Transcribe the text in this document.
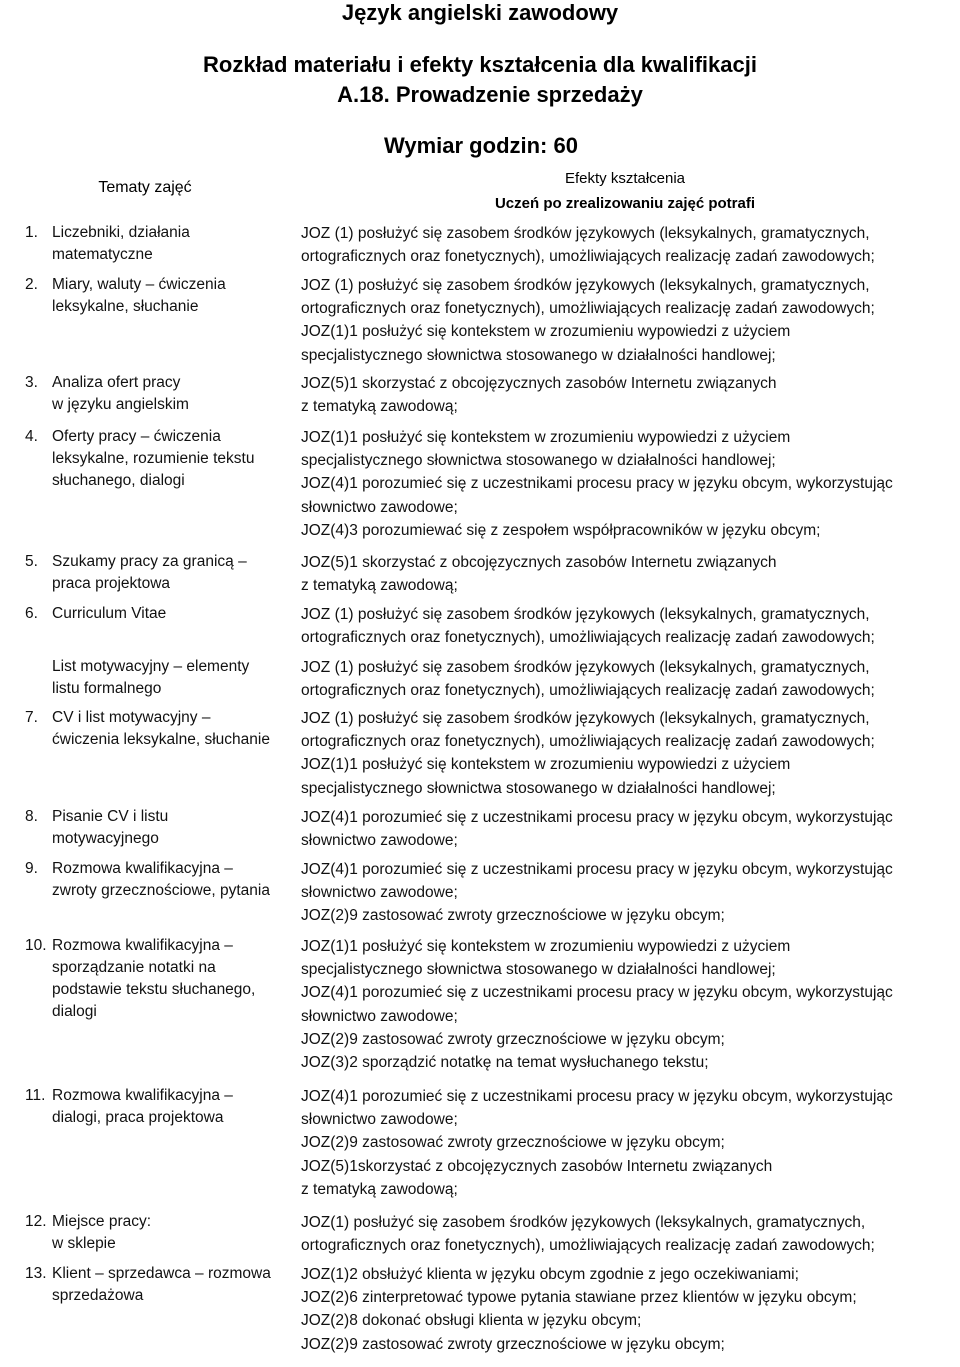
Język angielski zawodowy
Rozkład materiału i efekty kształcenia dla kwalifikacji
A.18. Prowadzenie sprzedaży
Wymiar godzin: 60
Tematy zajęć
Efekty kształcenia
Uczeń po zrealizowaniu zajęć potrafi
1. Liczebniki, działania
matematyczne
2. Miary, waluty – ćwiczenia
leksykalne, słuchanie
3. Analiza ofert pracy
w języku angielskim
4. Oferty pracy – ćwiczenia
leksykalne, rozumienie tekstu
słuchanego, dialogi
5. Szukamy pracy za granicą –
praca projektowa
6. Curriculum Vitae
List motywacyjny – elementy
listu formalnego
7. CV i list motywacyjny –
ćwiczenia leksykalne, słuchanie
8. Pisanie CV i listu
motywacyjnego
9. Rozmowa kwalifikacyjna –
zwroty grzecznościowe, pytania
10. Rozmowa kwalifikacyjna –
sporządzanie notatki na
podstawie tekstu słuchanego,
dialogi
11. Rozmowa kwalifikacyjna –
dialogi, praca projektowa
12. Miejsce pracy:
w sklepie
13. Klient – sprzedawca – rozmowa
sprzedażowa
JOZ (1) posłużyć się zasobem środków językowych (leksykalnych, gramatycznych,
ortograficznych oraz fonetycznych), umożliwiających realizację zadań zawodowych;
JOZ (1) posłużyć się zasobem środków językowych (leksykalnych, gramatycznych,
ortograficznych oraz fonetycznych), umożliwiających realizację zadań zawodowych;
JOZ(1)1 posłużyć się kontekstem w zrozumieniu wypowiedzi z użyciem
specjalistycznego słownictwa stosowanego w działalności handlowej;
JOZ(5)1 skorzystać z obcojęzycznych zasobów Internetu związanych
z tematyką zawodową;
JOZ(1)1 posłużyć się kontekstem w zrozumieniu wypowiedzi z użyciem
specjalistycznego słownictwa stosowanego w działalności handlowej;
JOZ(4)1 porozumieć się z uczestnikami procesu pracy w języku obcym, wykorzystując
słownictwo zawodowe;
JOZ(4)3 porozumiewać się z zespołem współpracowników w języku obcym;
JOZ(5)1 skorzystać z obcojęzycznych zasobów Internetu związanych
z tematyką zawodową;
JOZ (1) posłużyć się zasobem środków językowych (leksykalnych, gramatycznych,
ortograficznych oraz fonetycznych), umożliwiających realizację zadań zawodowych;
JOZ (1) posłużyć się zasobem środków językowych (leksykalnych, gramatycznych,
ortograficznych oraz fonetycznych), umożliwiających realizację zadań zawodowych;
JOZ (1) posłużyć się zasobem środków językowych (leksykalnych, gramatycznych,
ortograficznych oraz fonetycznych), umożliwiających realizację zadań zawodowych;
JOZ(1)1 posłużyć się kontekstem w zrozumieniu wypowiedzi z użyciem
specjalistycznego słownictwa stosowanego w działalności handlowej;
JOZ(4)1 porozumieć się z uczestnikami procesu pracy w języku obcym, wykorzystując
słownictwo zawodowe;
JOZ(4)1 porozumieć się z uczestnikami procesu pracy w języku obcym, wykorzystując
słownictwo zawodowe;
JOZ(2)9 zastosować zwroty grzecznościowe w języku obcym;
JOZ(1)1 posłużyć się kontekstem w zrozumieniu wypowiedzi z użyciem
specjalistycznego słownictwa stosowanego w działalności handlowej;
JOZ(4)1 porozumieć się z uczestnikami procesu pracy w języku obcym, wykorzystując
słownictwo zawodowe;
JOZ(2)9 zastosować zwroty grzecznościowe w języku obcym;
JOZ(3)2 sporządzić notatkę na temat wysłuchanego tekstu;
JOZ(4)1 porozumieć się z uczestnikami procesu pracy w języku obcym, wykorzystując
słownictwo zawodowe;
JOZ(2)9 zastosować zwroty grzecznościowe w języku obcym;
JOZ(5)1skorzystać z obcojęzycznych zasobów Internetu związanych
z tematyką zawodową;
JOZ(1) posłużyć się zasobem środków językowych (leksykalnych, gramatycznych,
ortograficznych oraz fonetycznych), umożliwiających realizację zadań zawodowych;
JOZ(1)2 obsłużyć klienta w języku obcym zgodnie z jego oczekiwaniami;
JOZ(2)6 zinterpretować typowe pytania stawiane przez klientów w języku obcym;
JOZ(2)8 dokonać obsługi klienta w języku obcym;
JOZ(2)9 zastosować zwroty grzecznościowe w języku obcym;
